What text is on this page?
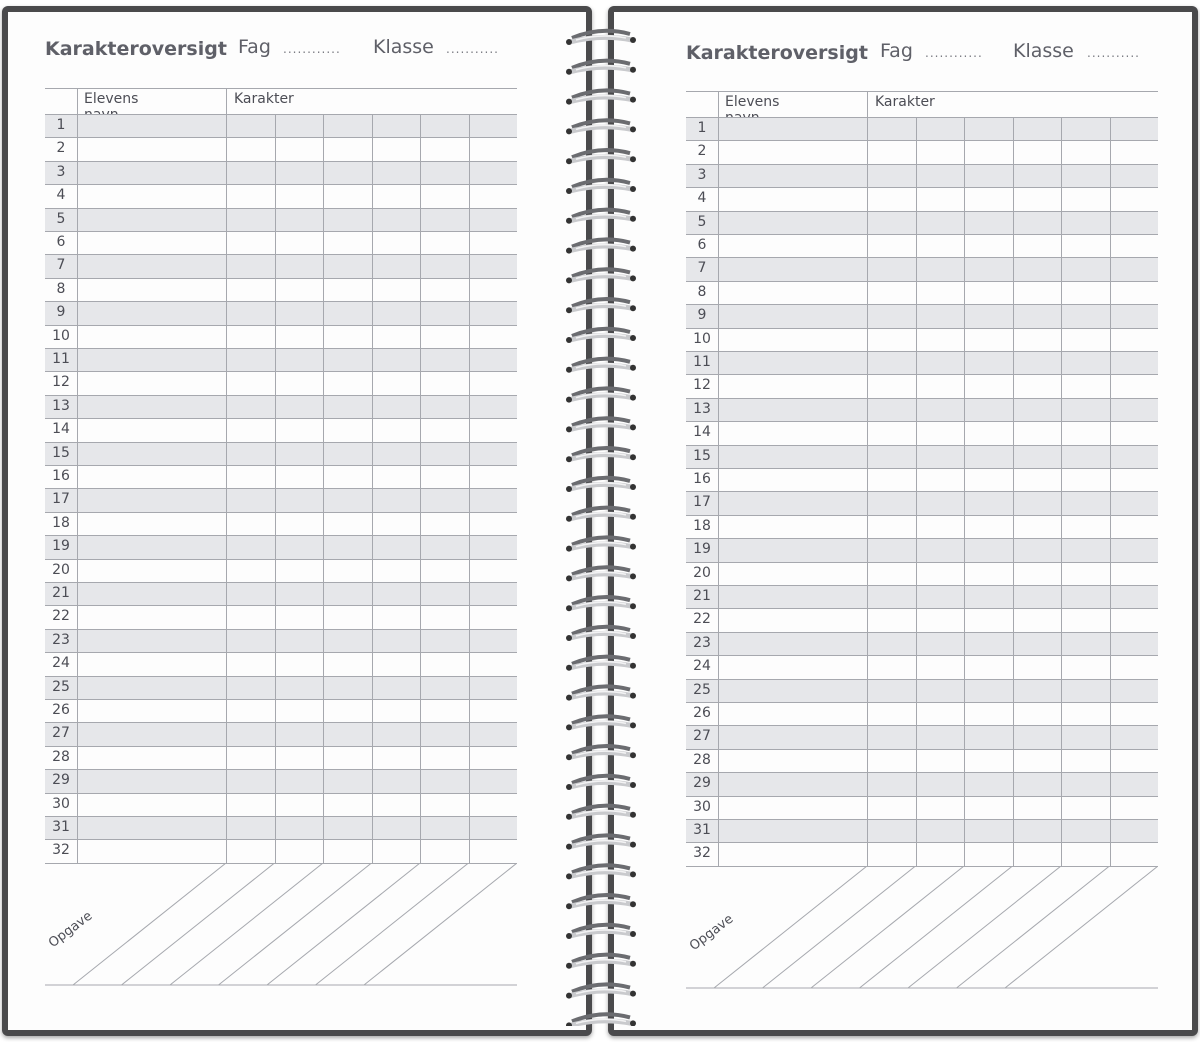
Karakteroversigt Fag ............ Klasse ...........
Elevens	Karakter
Opgave
1
2
3
4
5
6
7
8
9
10
11
12
13
14
15
16
17
18
19
20
21
22
23
24
25
26
27
28
29
30
31
32
Karakteroversigt Fag ............ Klasse ...........
Elevens	Karakter
Opgave
1
2
3
4
5
6
7
8
9
10
11
12
13
14
15
16
17
18
19
20
21
22
23
24
25
26
27
28
29
30
31
32
